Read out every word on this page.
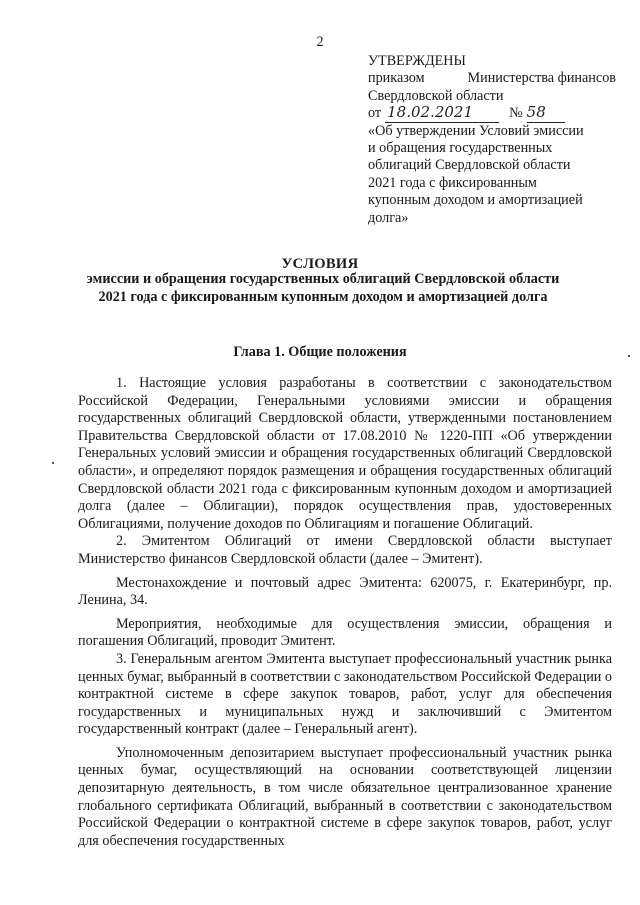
2
УТВЕРЖДЕНЫ
приказом	Министерства финансов
Свердловской области
от 18.02.2021	№ 58
«Об утверждении Условий эмиссии
и обращения государственных
облигаций Свердловской области
2021 года с фиксированным
купонным доходом и амортизацией
долга»
УСЛОВИЯ
эмиссии и обращения государственных облигаций Свердловской области
2021 года с фиксированным купонным доходом и амортизацией долга
Глава 1. Общие положения

1. Настоящие условия разработаны в соответствии с законодательством Российской Федерации, Генеральными условиями эмиссии и обращения государственных облигаций Свердловской области, утвержденными постановлением Правительства Свердловской области от 17.08.2010 № 1220-ПП «Об утверждении Генеральных условий эмиссии и обращения государственных облигаций Свердловской области», и определяют порядок размещения и обращения государственных облигаций Свердловской области 2021 года с фиксированным купонным доходом и амортизацией долга (далее – Облигации), порядок осуществления прав, удостоверенных Облигациями, получение доходов по Облигациям и погашение Облигаций.

2. Эмитентом Облигаций от имени Свердловской области выступает Министерство финансов Свердловской области (далее – Эмитент).

Местонахождение и почтовый адрес Эмитента: 620075, г. Екатеринбург, пр. Ленина, 34.

Мероприятия, необходимые для осуществления эмиссии, обращения и погашения Облигаций, проводит Эмитент.

3. Генеральным агентом Эмитента выступает профессиональный участник рынка ценных бумаг, выбранный в соответствии с законодательством Российской Федерации о контрактной системе в сфере закупок товаров, работ, услуг для обеспечения государственных и муниципальных нужд и заключивший с Эмитентом государственный контракт (далее – Генеральный агент).

Уполномоченным депозитарием выступает профессиональный участник рынка ценных бумаг, осуществляющий на основании соответствующей лицензии депозитарную деятельность, в том числе обязательное централизованное хранение глобального сертификата Облигаций, выбранный в соответствии с законодательством Российской Федерации о контрактной системе в сфере закупок товаров, работ, услуг для обеспечения государственных
